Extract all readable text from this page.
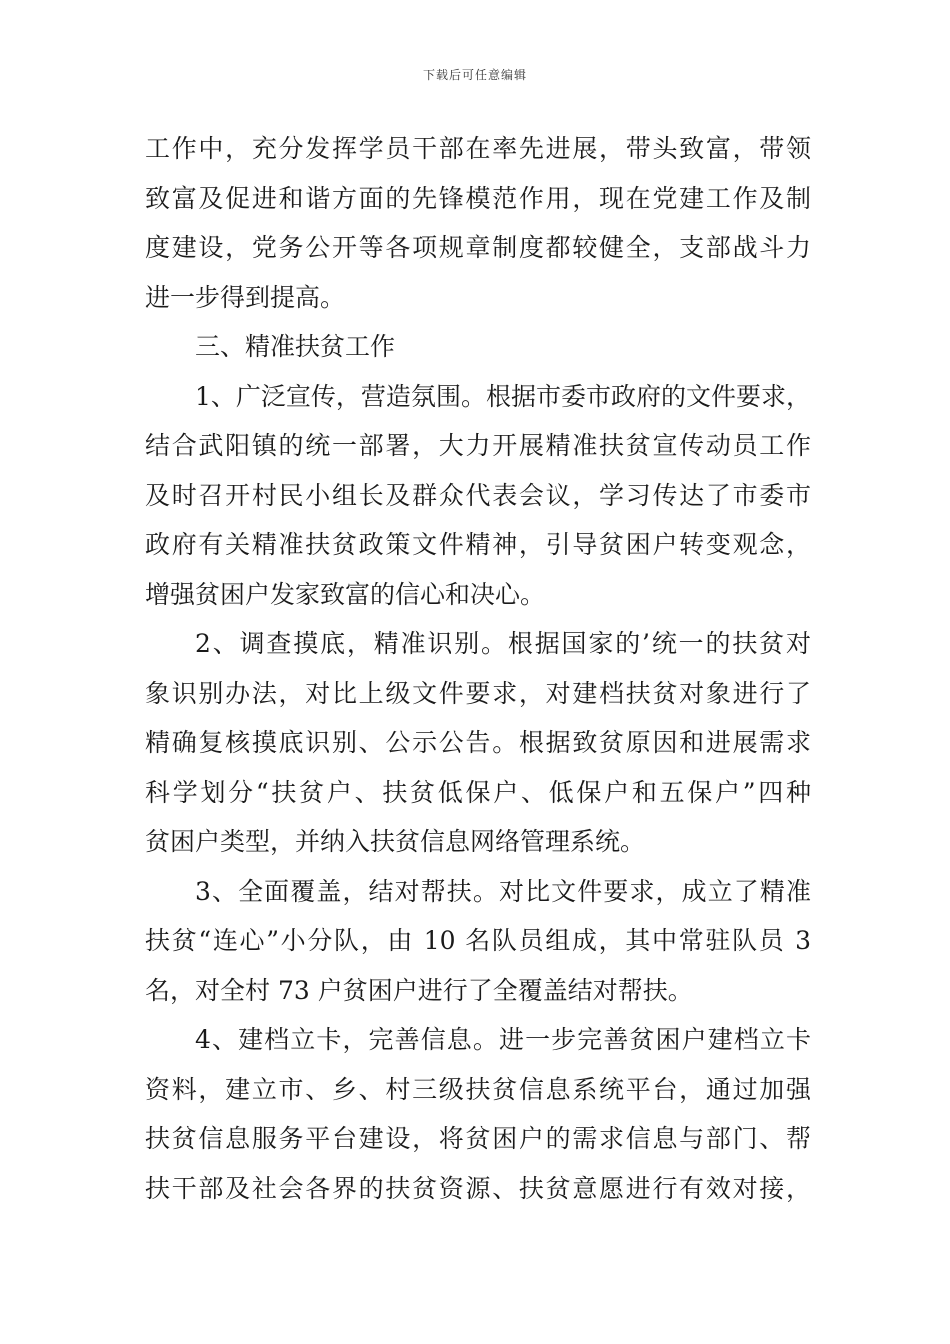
下载后可任意编辑
工作中，充分发挥学员干部在率先进展，带头致富，带领
致富及促进和谐方面的先锋模范作用，现在党建工作及制
度建设，党务公开等各项规章制度都较健全，支部战斗力
进一步得到提高。
三、精准扶贫工作
1、广泛宣传，营造氛围。根据市委市政府的文件要求，
结合武阳镇的统一部署，大力开展精准扶贫宣传动员工作
及时召开村民小组长及群众代表会议，学习传达了市委市
政府有关精准扶贫政策文件精神，引导贫困户转变观念，
增强贫困户发家致富的信心和决心。
2、调查摸底，精准识别。根据国家的’统一的扶贫对
象识别办法，对比上级文件要求，对建档扶贫对象进行了
精确复核摸底识别、公示公告。根据致贫原因和进展需求
科学划分“扶贫户、扶贫低保户、低保户和五保户”四种
贫困户类型，并纳入扶贫信息网络管理系统。
3、全面覆盖，结对帮扶。对比文件要求，成立了精准
扶贫“连心”小分队，由 10 名队员组成，其中常驻队员 3
名，对全村 73 户贫困户进行了全覆盖结对帮扶。
4、建档立卡，完善信息。进一步完善贫困户建档立卡
资料，建立市、乡、村三级扶贫信息系统平台，通过加强
扶贫信息服务平台建设，将贫困户的需求信息与部门、帮
扶干部及社会各界的扶贫资源、扶贫意愿进行有效对接，
